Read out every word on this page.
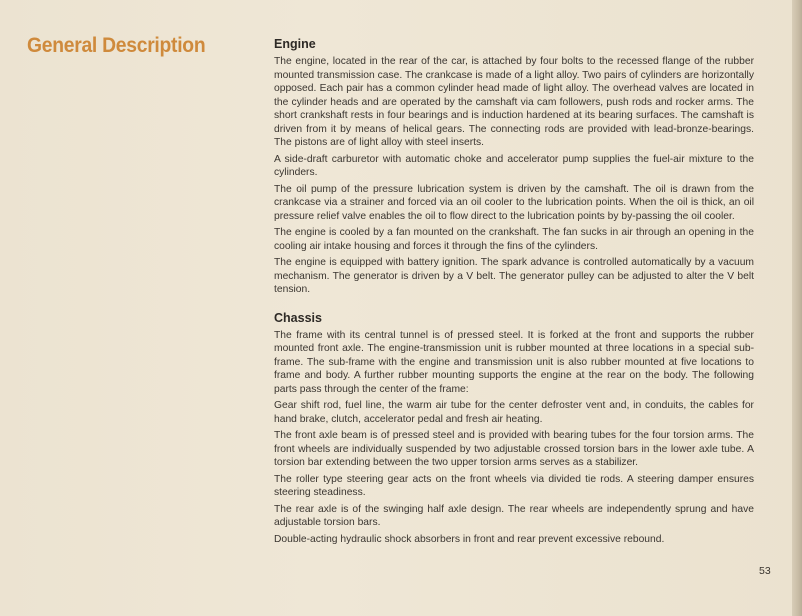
General Description	Engine

The engine, located in the rear of the car, is attached by four bolts to the recessed flange of the rubber mounted transmission case. The crankcase is made of a light alloy. Two pairs of cylinders are horizontally opposed. Each pair has a common cylinder head made of light alloy. The overhead valves are located in the cylinder heads and are operated by the camshaft via cam followers, push rods and rocker arms. The short crankshaft rests in four bearings and is induction hardened at its bearing surfaces. The camshaft is driven from it by means of helical gears. The connecting rods are provided with lead-bronze-bearings. The pistons are of light alloy with steel inserts.

A side-draft carburetor with automatic choke and accelerator pump supplies the fuel-air mixture to the cylinders.

The oil pump of the pressure lubrication system is driven by the camshaft. The oil is drawn from the crankcase via a strainer and forced via an oil cooler to the lubrication points. When the oil is thick, an oil pressure relief valve enables the oil to flow direct to the lubrication points by by-passing the oil cooler.

The engine is cooled by a fan mounted on the crankshaft. The fan sucks in air through an opening in the cooling air intake housing and forces it through the fins of the cylinders.

The engine is equipped with battery ignition. The spark advance is controlled automatically by a vacuum mechanism. The generator is driven by a V belt. The generator pulley can be adjusted to alter the V belt tension.

Chassis

The frame with its central tunnel is of pressed steel. It is forked at the front and supports the rubber mounted front axle. The engine-transmission unit is rubber mounted at three locations in a special sub-frame. The sub-frame with the engine and transmission unit is also rubber mounted at five locations to frame and body. A further rubber mounting supports the engine at the rear on the body. The following parts pass through the center of the frame:

Gear shift rod, fuel line, the warm air tube for the center defroster vent and, in conduits, the cables for hand brake, clutch, accelerator pedal and fresh air heating.

The front axle beam is of pressed steel and is provided with bearing tubes for the four torsion arms. The front wheels are individually suspended by two adjustable crossed torsion bars in the lower axle tube. A torsion bar extending between the two upper torsion arms serves as a stabilizer.

The roller type steering gear acts on the front wheels via divided tie rods. A steering damper ensures steering steadiness.

The rear axle is of the swinging half axle design. The rear wheels are independently sprung and have adjustable torsion bars.

Double-acting hydraulic shock absorbers in front and rear prevent excessive rebound.

53
